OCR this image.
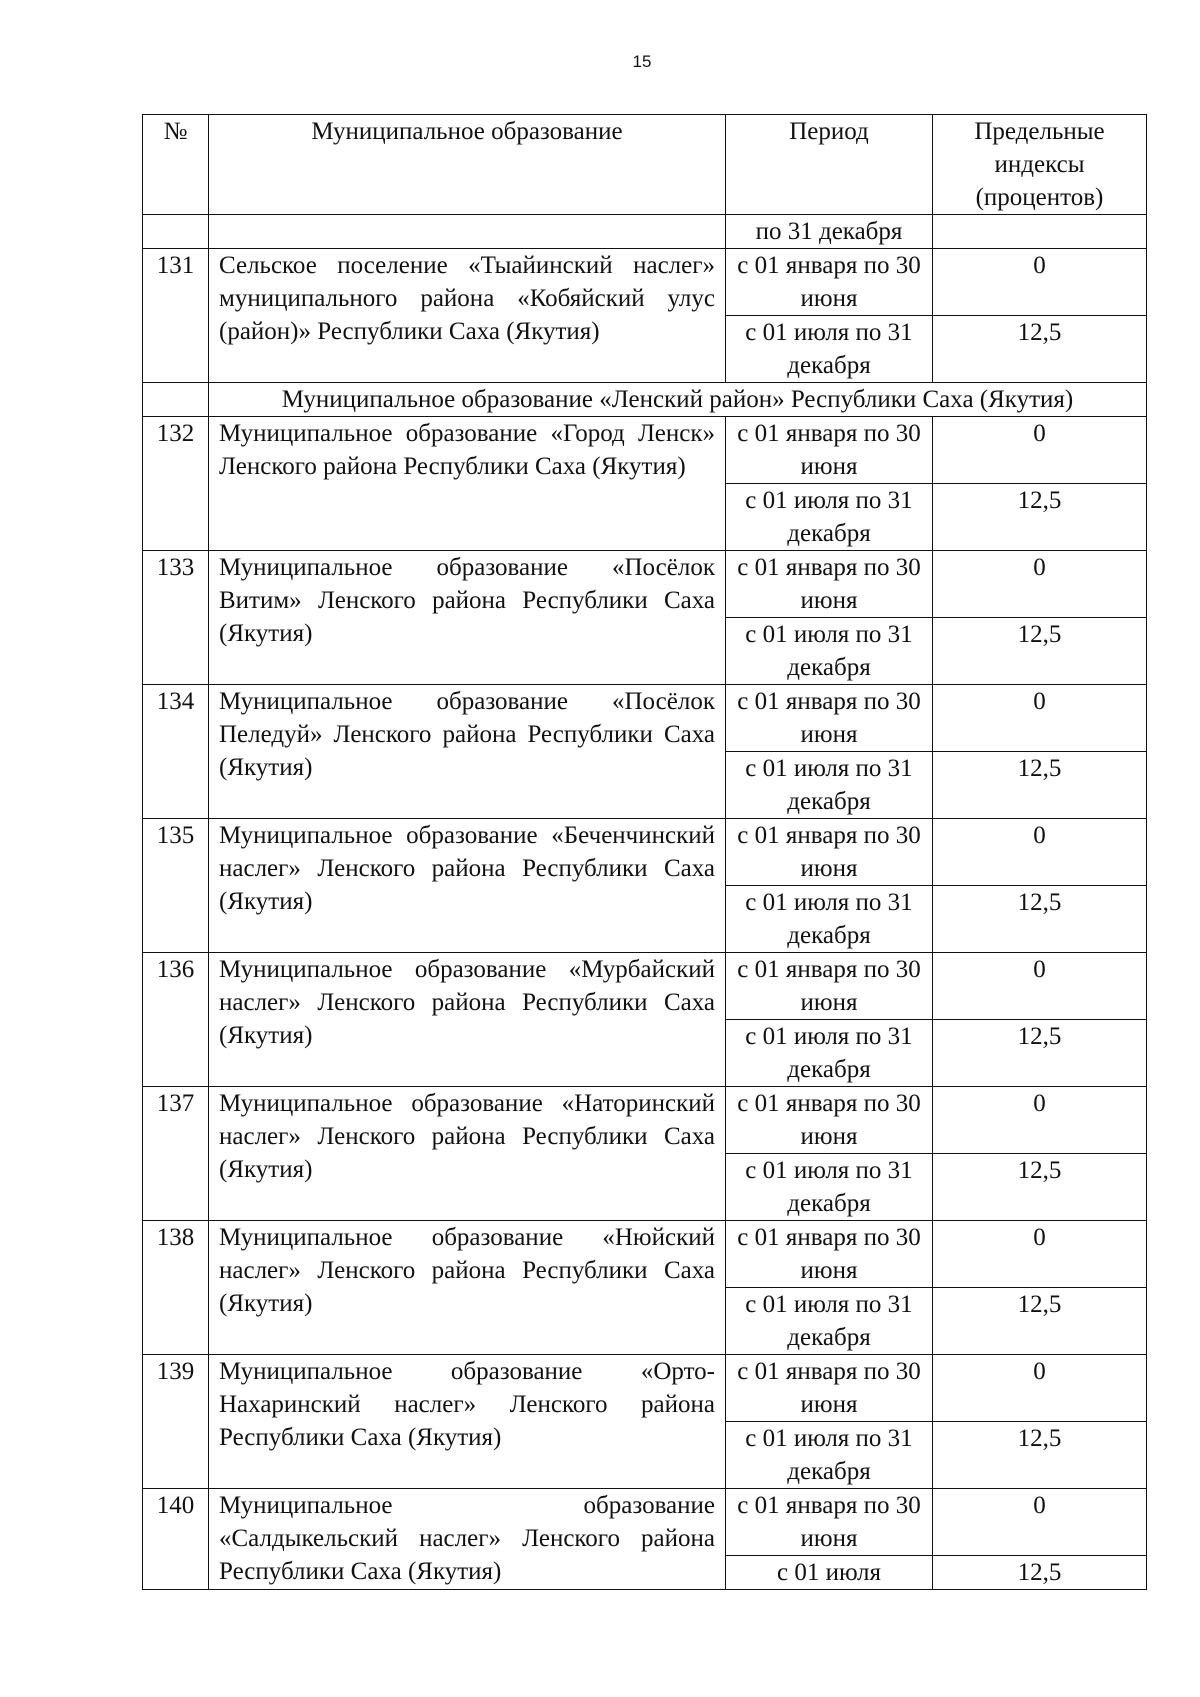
15
№	Муниципальное образование	Период	Предельные индексы (процентов)
		по 31 декабря	
131	Сельское поселение «Тыайинский наслег» муниципального района «Кобяйский улус (район)» Республики Саха (Якутия)	с 01 января по 30 июня	0
		с 01 июля по 31 декабря	12,5
	Муниципальное образование «Ленский район» Республики Саха (Якутия)		
132	Муниципальное образование «Город Ленск» Ленского района Республики Саха (Якутия)	с 01 января по 30 июня	0
		с 01 июля по 31 декабря	12,5
133	Муниципальное образование «Посёлок Витим» Ленского района Республики Саха (Якутия)	с 01 января по 30 июня	0
		с 01 июля по 31 декабря	12,5
134	Муниципальное образование «Посёлок Пеледуй» Ленского района Республики Саха (Якутия)	с 01 января по 30 июня	0
		с 01 июля по 31 декабря	12,5
135	Муниципальное образование «Беченчинский наслег» Ленского района Республики Саха (Якутия)	с 01 января по 30 июня	0
		с 01 июля по 31 декабря	12,5
136	Муниципальное образование «Мурбайский наслег» Ленского района Республики Саха (Якутия)	с 01 января по 30 июня	0
		с 01 июля по 31 декабря	12,5
137	Муниципальное образование «Наторинский наслег» Ленского района Республики Саха (Якутия)	с 01 января по 30 июня	0
		с 01 июля по 31 декабря	12,5
138	Муниципальное образование «Нюйский наслег» Ленского района Республики Саха (Якутия)	с 01 января по 30 июня	0
		с 01 июля по 31 декабря	12,5
139	Муниципальное образование «Орто-Нахаринский наслег» Ленского района Республики Саха (Якутия)	с 01 января по 30 июня	0
		с 01 июля по 31 декабря	12,5
140	Муниципальное образование «Салдыкельский наслег» Ленского района Республики Саха (Якутия)	с 01 января по 30 июня	0
		с 01 июля	12,5
